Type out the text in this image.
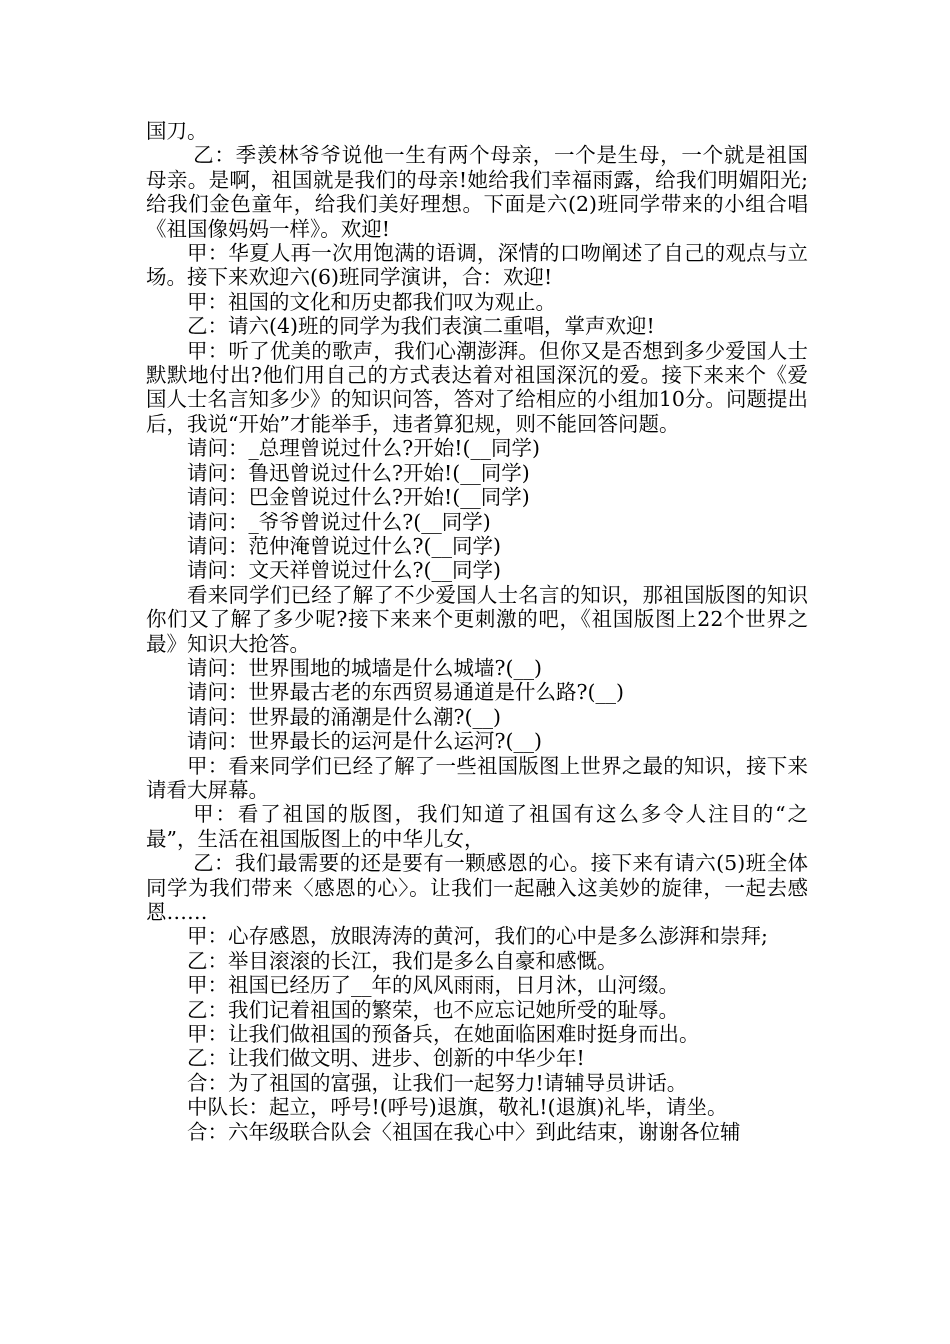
国刀。

乙：季羡林爷爷说他一生有两个母亲，一个是生母，一个就是祖国母亲。是啊，祖国就是我们的母亲!她给我们幸福雨露，给我们明媚阳光;给我们金色童年，给我们美好理想。下面是六(2)班同学带来的小组合唱《祖国像妈妈一样》。欢迎!

甲：华夏人再一次用饱满的语调，深情的口吻阐述了自己的观点与立场。接下来欢迎六(6)班同学演讲，合：欢迎!

甲：祖国的文化和历史都我们叹为观止。

乙：请六(4)班的同学为我们表演二重唱，掌声欢迎!

甲：听了优美的歌声，我们心潮澎湃。但你又是否想到多少爱国人士默默地付出?他们用自己的方式表达着对祖国深沉的爱。接下来来个《爱国人士名言知多少》的知识问答，答对了给相应的小组加10分。问题提出后，我说“开始”才能举手，违者算犯规，则不能回答问题。

请问：_总理曾说过什么?开始!(__同学)

请问：鲁迅曾说过什么?开始!(__同学)

请问：巴金曾说过什么?开始!(__同学)

请问：_爷爷曾说过什么?(__同学)

请问：范仲淹曾说过什么?(__同学)

请问：文天祥曾说过什么?(__同学)

看来同学们已经了解了不少爱国人士名言的知识，那祖国版图的知识你们又了解了多少呢?接下来来个更刺激的吧，《祖国版图上22个世界之最》知识大抢答。

请问：世界围地的城墙是什么城墙?(__)

请问：世界最古老的东西贸易通道是什么路?(__)

请问：世界最的涌潮是什么潮?(__)

请问：世界最长的运河是什么运河?(__)

甲：看来同学们已经了解了一些祖国版图上世界之最的知识，接下来请看大屏幕。

甲：看了祖国的版图，我们知道了祖国有这么多令人注目的“之最”，生活在祖国版图上的中华儿女，

乙：我们最需要的还是要有一颗感恩的心。接下来有请六(5)班全体同学为我们带来〈感恩的心〉。让我们一起融入这美妙的旋律，一起去感恩……

甲：心存感恩，放眼涛涛的黄河，我们的心中是多么澎湃和崇拜;

乙：举目滚滚的长江，我们是多么自豪和感慨。

甲：祖国已经历了__年的风风雨雨，日月沐，山河缀。

乙：我们记着祖国的繁荣，也不应忘记她所受的耻辱。

甲：让我们做祖国的预备兵，在她面临困难时挺身而出。

乙：让我们做文明、进步、创新的中华少年!

合：为了祖国的富强，让我们一起努力!请辅导员讲话。

中队长：起立，呼号!(呼号)退旗，敬礼!(退旗)礼毕，请坐。

合：六年级联合队会〈祖国在我心中〉到此结束，谢谢各位辅
